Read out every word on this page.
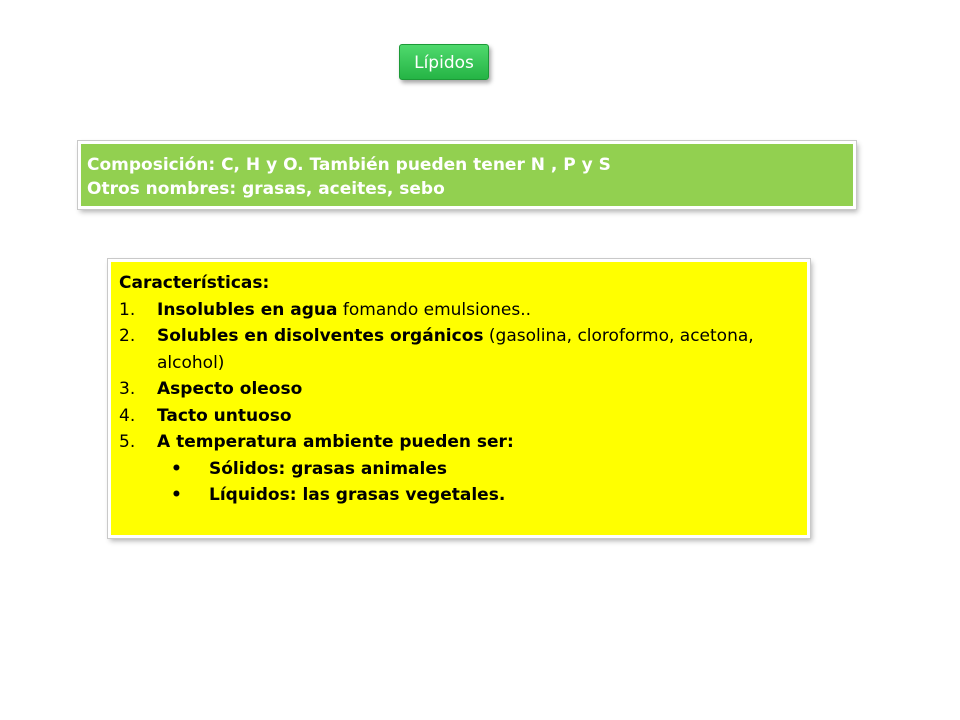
Lípidos
Composición: C, H y O. También pueden tener N , P y S
Otros nombres: grasas, aceites, sebo
Características:
1.	Insolubles en agua fomando emulsiones..
2.	Solubles en disolventes orgánicos (gasolina, cloroformo, acetona, alcohol)
3.	Aspecto oleoso
4.	Tacto untuoso
5.	A temperatura ambiente pueden ser:
•	Sólidos: grasas animales
•	Líquidos: las grasas vegetales.
